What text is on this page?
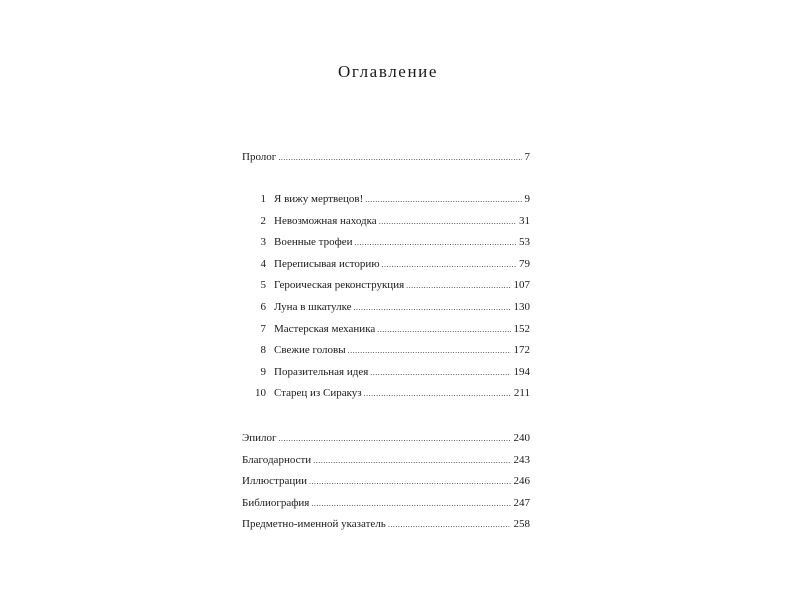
Оглавление
Пролог .....	7
1 Я вижу мертвецов! .....	9
2 Невозможная находка .....	31
3 Военные трофеи .....	53
4 Переписывая историю .....	79
5 Героическая реконструкция .....	107
6 Луна в шкатулке .....	130
7 Мастерская механика .....	152
8 Свежие головы .....	172
9 Поразительная идея .....	194
10 Старец из Сиракуз .....	211
Эпилог .....	240
Благодарности .....	243
Иллюстрации .....	246
Библиография .....	247
Предметно-именной указатель .....	258
